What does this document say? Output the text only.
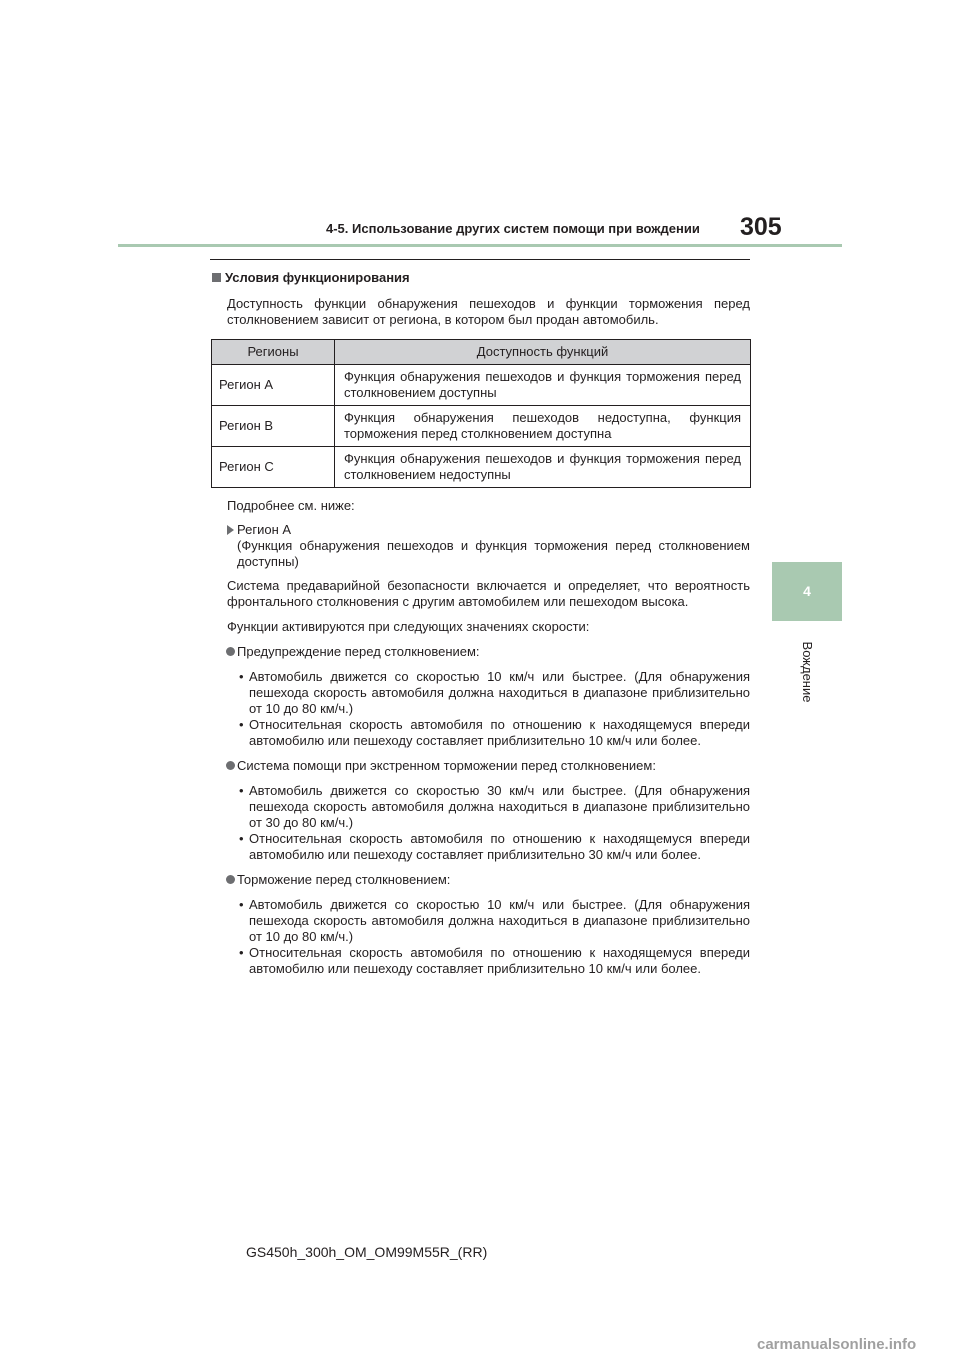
4-5. Использование других систем помощи при вождении 305
4
Вождение

Условия функционирования

Доступность функции обнаружения пешеходов и функции торможения перед столкновением зависит от региона, в котором был продан автомобиль.

Регионы	Доступность функций
Регион A	Функция обнаружения пешеходов и функция торможения перед столкновением доступны
Регион B	Функция обнаружения пешеходов недоступна, функция торможения перед столкновением доступна
Регион C	Функция обнаружения пешеходов и функция торможения перед столкновением недоступны

Подробнее см. ниже:

Регион A
(Функция обнаружения пешеходов и функция торможения перед столкновением доступны)

Система предаварийной безопасности включается и определяет, что вероятность фронтального столкновения с другим автомобилем или пешеходом высока.

Функции активируются при следующих значениях скорости:

Предупреждение перед столкновением:
• Автомобиль движется со скоростью 10 км/ч или быстрее. (Для обнаружения пешехода скорость автомобиля должна находиться в диапазоне приблизительно от 10 до 80 км/ч.)
• Относительная скорость автомобиля по отношению к находящемуся впереди автомобилю или пешеходу составляет приблизительно 10 км/ч или более.
Система помощи при экстренном торможении перед столкновением:
• Автомобиль движется со скоростью 30 км/ч или быстрее. (Для обнаружения пешехода скорость автомобиля должна находиться в диапазоне приблизительно от 30 до 80 км/ч.)
• Относительная скорость автомобиля по отношению к находящемуся впереди автомобилю или пешеходу составляет приблизительно 30 км/ч или более.
Торможение перед столкновением:
• Автомобиль движется со скоростью 10 км/ч или быстрее. (Для обнаружения пешехода скорость автомобиля должна находиться в диапазоне приблизительно от 10 до 80 км/ч.)
• Относительная скорость автомобиля по отношению к находящемуся впереди автомобилю или пешеходу составляет приблизительно 10 км/ч или более.
GS450h_300h_OM_OM99M55R_(RR)
carmanualsonline.info
